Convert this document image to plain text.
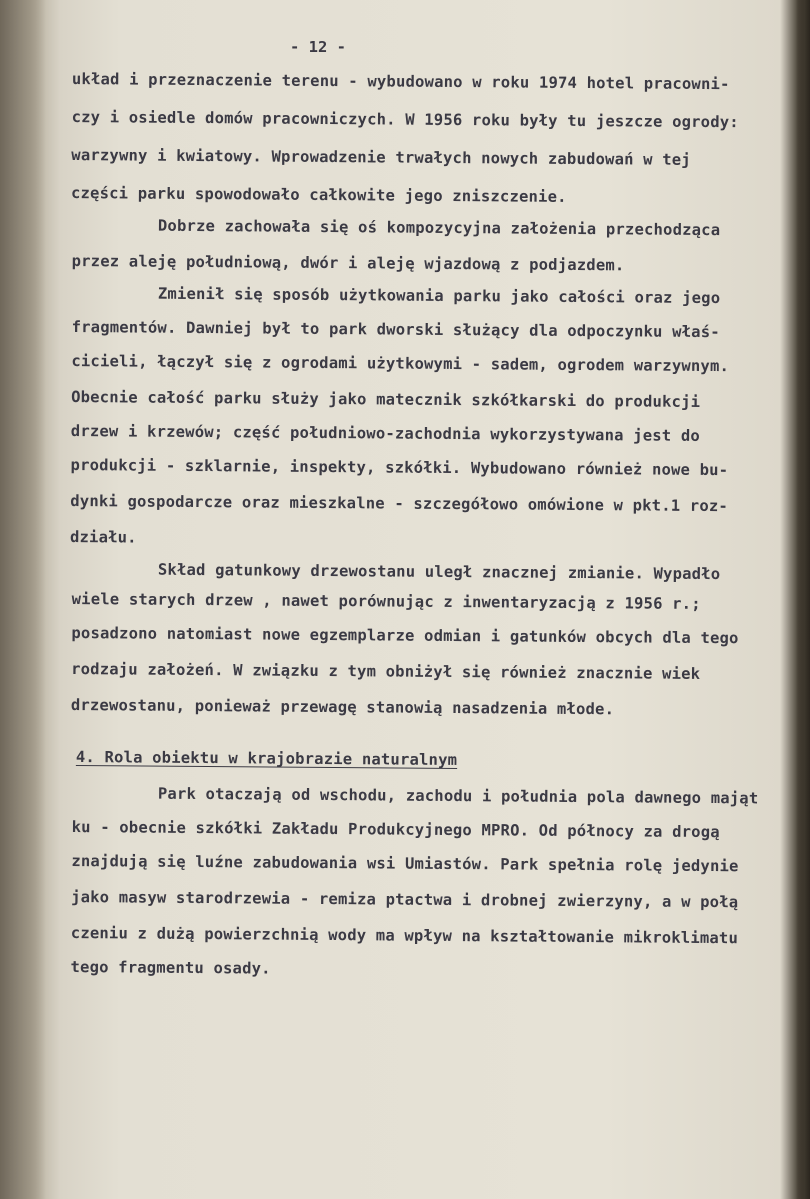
- 12 -
układ i przeznaczenie terenu - wybudowano w roku 1974 hotel pracowni-
czy i osiedle domów pracowniczych. W 1956 roku były tu jeszcze ogrody:
warzywny i kwiatowy. Wprowadzenie trwałych nowych zabudowań w tej
części parku spowodowało całkowite jego zniszczenie.
Dobrze zachowała się oś kompozycyjna założenia przechodząca
przez aleję południową, dwór i aleję wjazdową z podjazdem.
Zmienił się sposób użytkowania parku jako całości oraz jego
fragmentów. Dawniej był to park dworski służący dla odpoczynku właś-
cicieli, łączył się z ogrodami użytkowymi - sadem, ogrodem warzywnym.
Obecnie całość parku służy jako matecznik szkółkarski do produkcji
drzew i krzewów; część południowo-zachodnia wykorzystywana jest do
produkcji - szklarnie, inspekty, szkółki. Wybudowano również nowe bu-
dynki gospodarcze oraz mieszkalne - szczegółowo omówione w pkt.1 roz-
działu.
Skład gatunkowy drzewostanu uległ znacznej zmianie. Wypadło
wiele starych drzew , nawet porównując z inwentaryzacją z 1956 r.;
posadzono natomiast nowe egzemplarze odmian i gatunków obcych dla tego
rodzaju założeń. W związku z tym obniżył się również znacznie wiek
drzewostanu, ponieważ przewagę stanowią nasadzenia młode.
4. Rola obiektu w krajobrazie naturalnym
Park otaczają od wschodu, zachodu i południa pola dawnego mająt
ku - obecnie szkółki Zakładu Produkcyjnego MPRO. Od północy za drogą
znajdują się luźne zabudowania wsi Umiastów. Park spełnia rolę jedynie
jako masyw starodrzewia - remiza ptactwa i drobnej zwierzyny, a w połą
czeniu z dużą powierzchnią wody ma wpływ na kształtowanie mikroklimatu
tego fragmentu osady.
